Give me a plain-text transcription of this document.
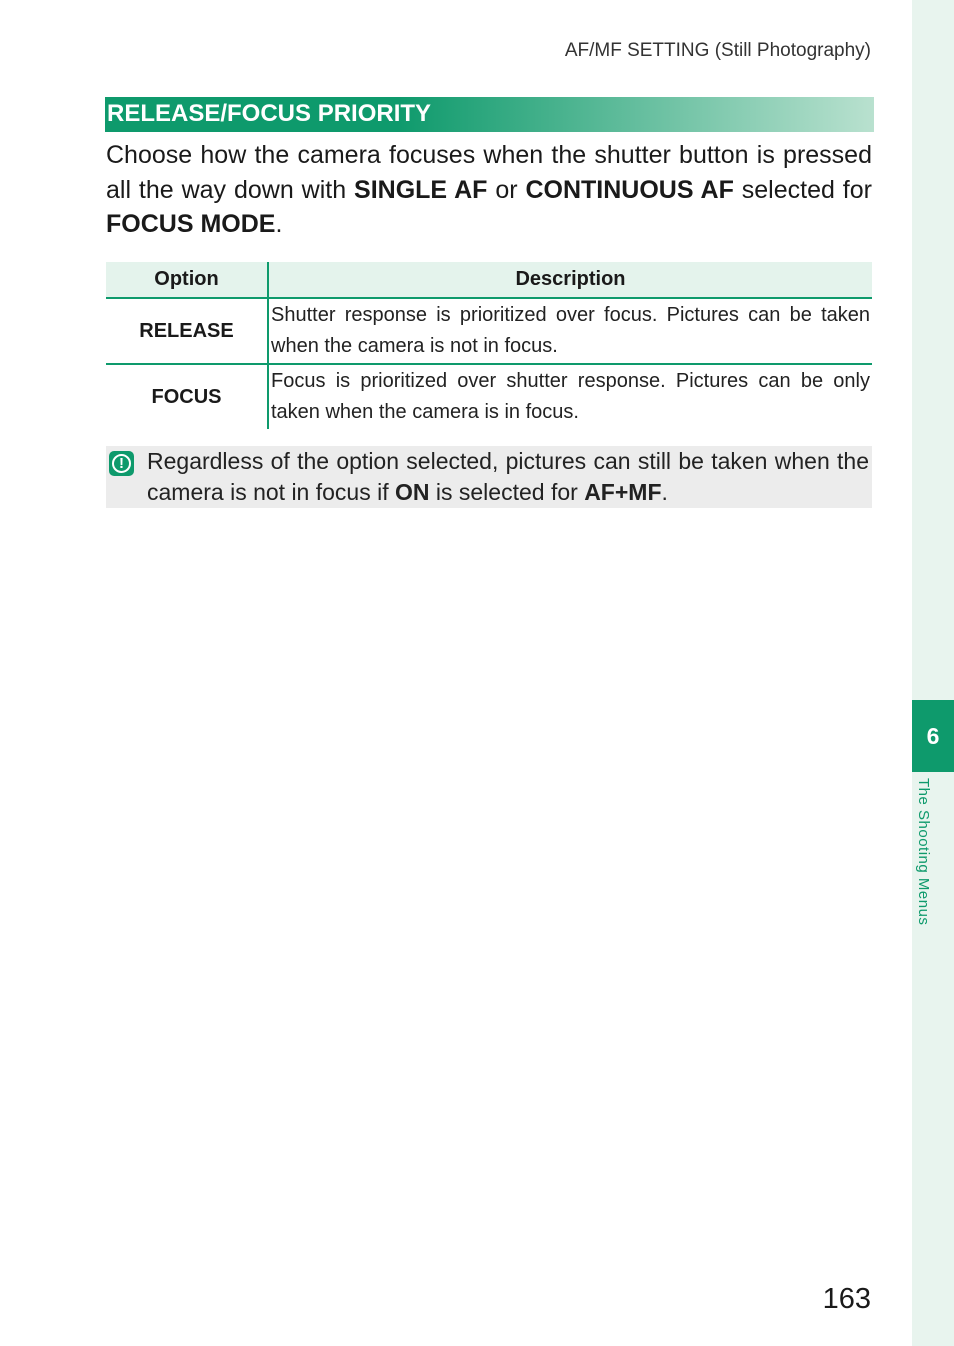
6
The Shooting Menus
AF/MF SETTING (Still Photography)
RELEASE/FOCUS PRIORITY

Choose how the camera focuses when the shutter button is pressed all the way down with SINGLE AF or CONTINUOUS AF selected for FOCUS MODE.

Option	Description
RELEASE	Shutter response is prioritized over focus. Pictures can be taken when the camera is not in focus.
FOCUS	Focus is prioritized over shutter response. Pictures can be only taken when the camera is in focus.
! Regardless of the option selected, pictures can still be taken when the camera is not in focus if ON is selected for AF+MF.

163
